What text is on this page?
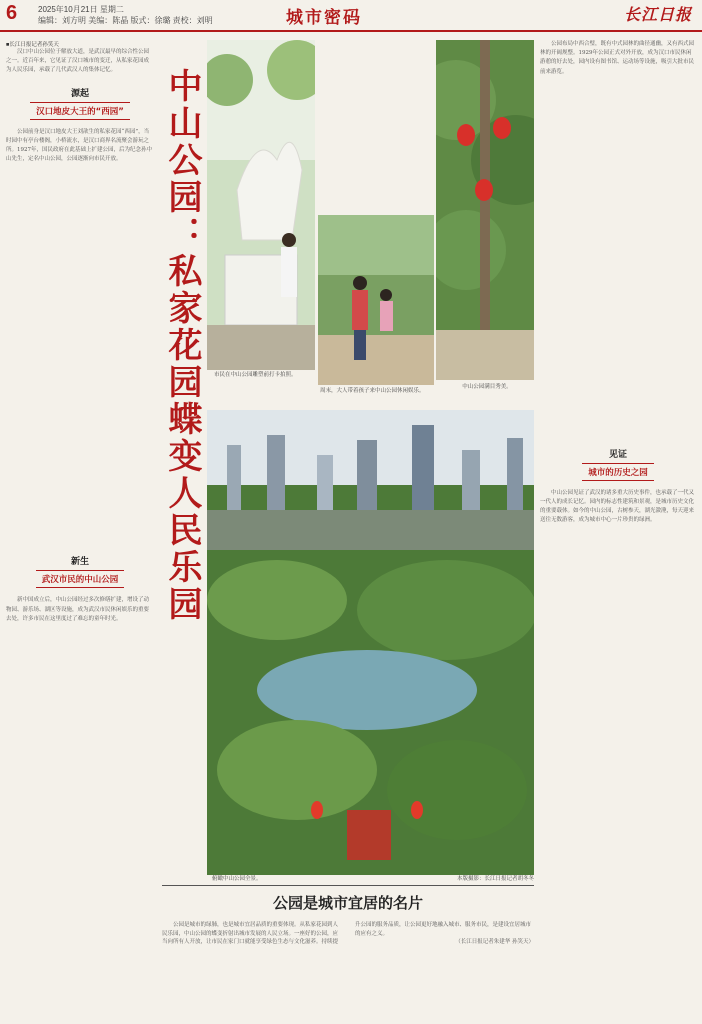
6	2025年10月21日 星期二
编辑：刘方明 美编：陈晶 版式：徐璐 责校：刘明	城市密码	长江日报
■长江日报记者孙笑天

汉口中山公园位于解放大道，是武汉最早的综合性公园之一。近百年来，它见证了汉口城市的变迁，从私家花园成为人民乐园，承载了几代武汉人的集体记忆。

源起
汉口地皮大王的“西园”

公园前身是汉口地皮大王刘歆生的私家花园“西园”，当时园中有亭台楼阁，小桥流水，是汉口商界名流聚会游玩之所。1927年，国民政府在此基础上扩建公园，后为纪念孙中山先生，定名中山公园，公园逐渐向市民开放。

新生
武汉市民的中山公园

新中国成立后，中山公园经过多次修缮扩建，增设了动物园、游乐场、湖区等设施，成为武汉市民休闲娱乐的重要去处，许多市民在这里度过了难忘的童年时光。	中山公园：私家花园蝶变人民乐园 市民在中山公园雕塑前打卡拍照。
周末，大人带着孩子来中山公园休闲娱乐。
中山公园满目秀美。
俯瞰中山公园全景。	本版摄影：长江日报记者胡冬冬
公园是城市宜居的名片

公园是城市的绿肺，也是城市宜居品质的重要体现。从私家花园到人民乐园，中山公园的蝶变折射出城市发展的人民立场。一座好的公园，应当向所有人开放，让市民在家门口就能享受绿色生态与文化滋养。持续提升公园的服务品质，让公园更好地融入城市、服务市民，是建设宜居城市的应有之义。

（长江日报记者朱建华 孙笑天）

公园布局中西合璧，既有中式园林的曲径通幽，又有西式园林的开阔规整。1929年公园正式对外开放，成为汉口市民休闲游憩的好去处，园内设有图书馆、运动场等设施，吸引大批市民前来游览。

见证
城市的历史之园

中山公园见证了武汉的诸多重大历史事件，也承载了一代又一代人的成长记忆。园内的标志性建筑和景观，是城市历史文化的重要载体。如今的中山公园，古树参天，湖光潋滟，每天迎来送往无数游客，成为城市中心一片珍贵的绿洲。
